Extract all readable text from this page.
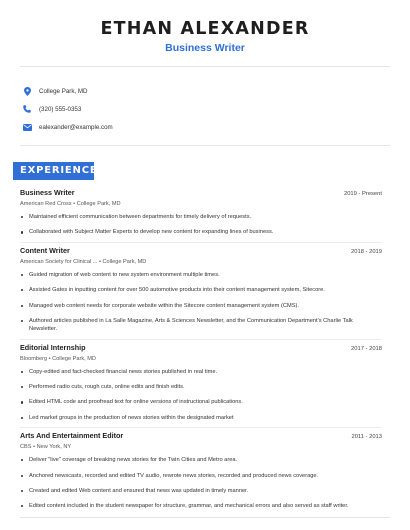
ETHAN ALEXANDER
Business Writer
College Park, MD
(320) 555-0353
ealexander@example.com
EXPERIENCE
Business Writer	2019 - Present
American Red Cross • College Park, MD
Maintained efficient communication between departments for timely delivery of requests.
Collaborated with Subject Matter Experts to develop new content for expanding lines of business.
Content Writer	2018 - 2019
American Society for Clinical ... • College Park, MD
Guided migration of web content to new system environment multiple times.
Assisted Gates in inputting content for over 500 automotive products into their content management system, Sitecore.
Managed web content needs for corporate website within the Sitecore content management system (CMS).
Authored articles published in La Salle Magazine, Arts & Sciences Newsletter, and the Communication Department's Charlie Talk Newsletter.
Editorial Internship	2017 - 2018
Bloomberg • College Park, MD
Copy-edited and fact-checked financial news stories published in real time.
Performed radio cuts, rough cuts, online edits and finish edits.
Edited HTML code and proofread text for online versions of instructional publications.
Led market groups in the production of news stories within the designated market
Arts And Entertainment Editor	2011 - 2013
CBS • New York, NY
Deliver "live" coverage of breaking news stories for the Twin Cities and Metro area.
Anchored newscasts, recorded and edited TV audio, rewrote news stories, recorded and produced news coverage.
Created and edited Web content and ensured that news was updated in timely manner.
Edited content included in the student newspaper for structure, grammar, and mechanical errors and also served as staff writer.
